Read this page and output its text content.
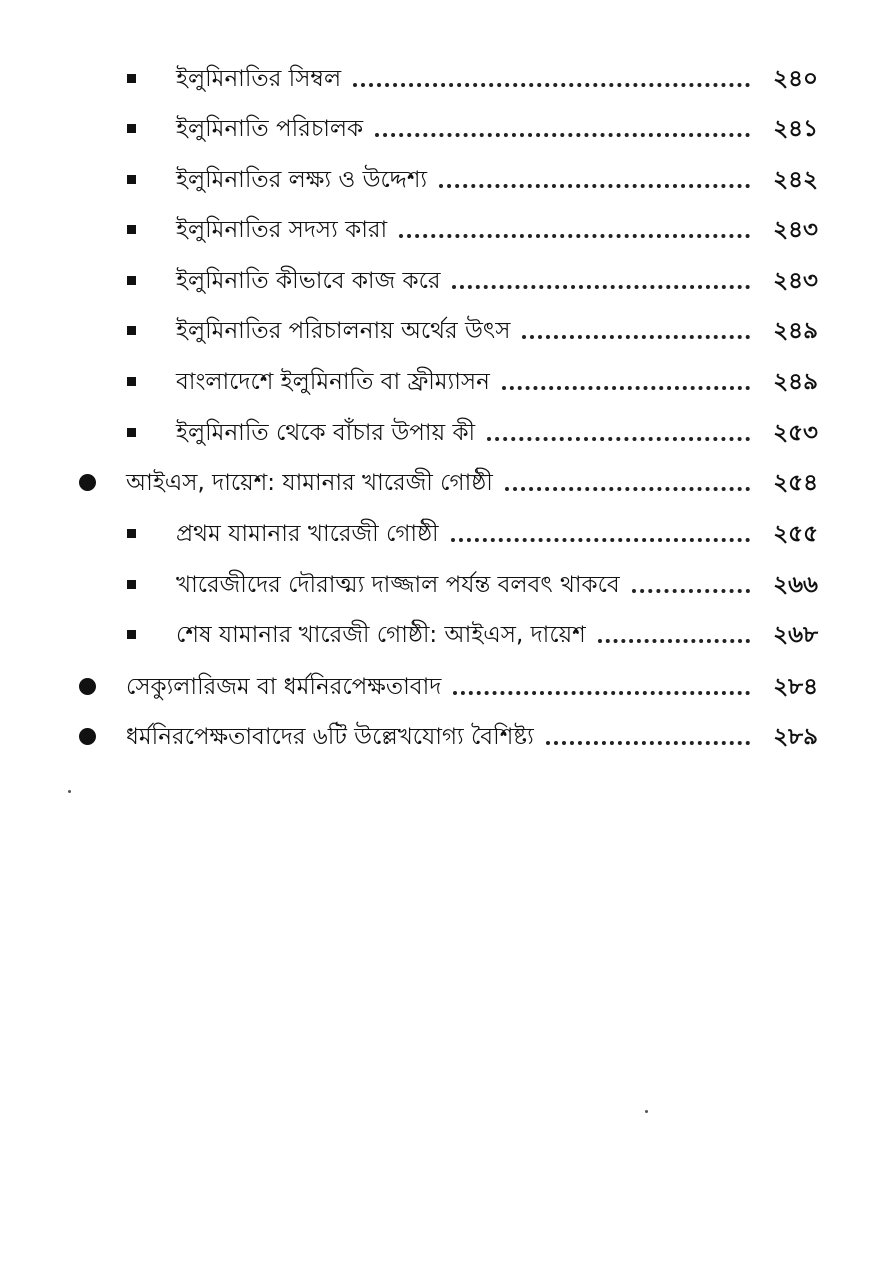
ইলুমিনাতির সিম্বল	২৪০
ইলুমিনাতি পরিচালক	২৪১
ইলুমিনাতির লক্ষ্য ও উদ্দেশ্য	২৪২
ইলুমিনাতির সদস্য কারা	২৪৩
ইলুমিনাতি কীভাবে কাজ করে	২৪৩
ইলুমিনাতির পরিচালনায় অর্থের উৎস	২৪৯
বাংলাদেশে ইলুমিনাতি বা ফ্রীম্যাসন	২৪৯
ইলুমিনাতি থেকে বাঁচার উপায় কী	২৫৩
আইএস, দায়েশ: যামানার খারেজী গোষ্ঠী	২৫৪
প্রথম যামানার খারেজী গোষ্ঠী	২৫৫
খারেজীদের দৌরাত্ম্য দাজ্জাল পর্যন্ত বলবৎ থাকবে	২৬৬
শেষ যামানার খারেজী গোষ্ঠী: আইএস, দায়েশ	২৬৮
সেক্যুলারিজম বা ধর্মনিরপেক্ষতাবাদ	২৮৪
ধর্মনিরপেক্ষতাবাদের ৬টি উল্লেখযোগ্য বৈশিষ্ট্য	২৮৯
